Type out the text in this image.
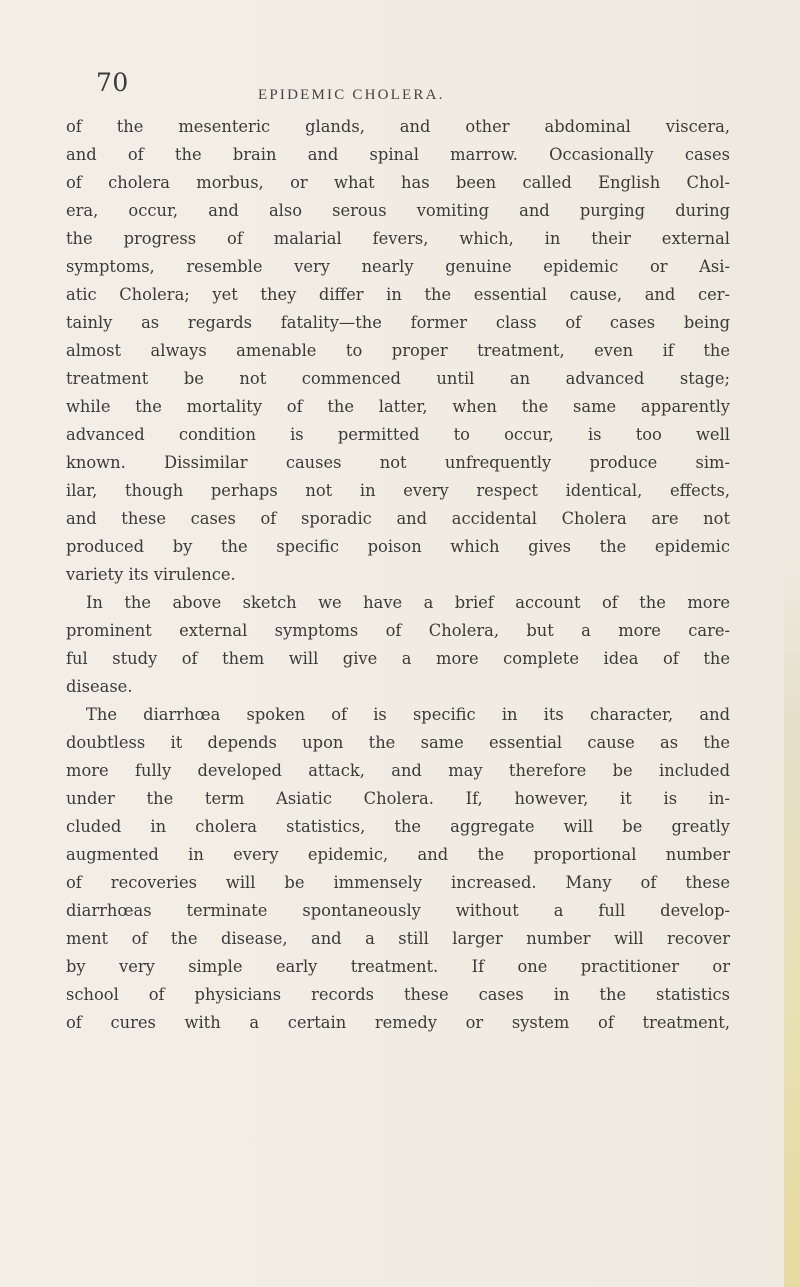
70	EPIDEMIC CHOLERA.
of the mesenteric glands, and other abdominal viscera,
and of the brain and spinal marrow. Occasionally cases
of cholera morbus, or what has been called English Chol-
era, occur, and also serous vomiting and purging during
the progress of malarial fevers, which, in their external
symptoms, resemble very nearly genuine epidemic or Asi-
atic Cholera; yet they differ in the essential cause, and cer-
tainly as regards fatality—the former class of cases being
almost always amenable to proper treatment, even if the
treatment be not commenced until an advanced stage;
while the mortality of the latter, when the same apparently
advanced condition is permitted to occur, is too well
known. Dissimilar causes not unfrequently produce sim-
ilar, though perhaps not in every respect identical, effects,
and these cases of sporadic and accidental Cholera are not
produced by the specific poison which gives the epidemic
variety its virulence.
In the above sketch we have a brief account of the more
prominent external symptoms of Cholera, but a more care-
ful study of them will give a more complete idea of the
disease.
The diarrhœa spoken of is specific in its character, and
doubtless it depends upon the same essential cause as the
more fully developed attack, and may therefore be included
under the term Asiatic Cholera. If, however, it is in-
cluded in cholera statistics, the aggregate will be greatly
augmented in every epidemic, and the proportional number
of recoveries will be immensely increased. Many of these
diarrhœas terminate spontaneously without a full develop-
ment of the disease, and a still larger number will recover
by very simple early treatment. If one practitioner or
school of physicians records these cases in the statistics
of cures with a certain remedy or system of treatment,
